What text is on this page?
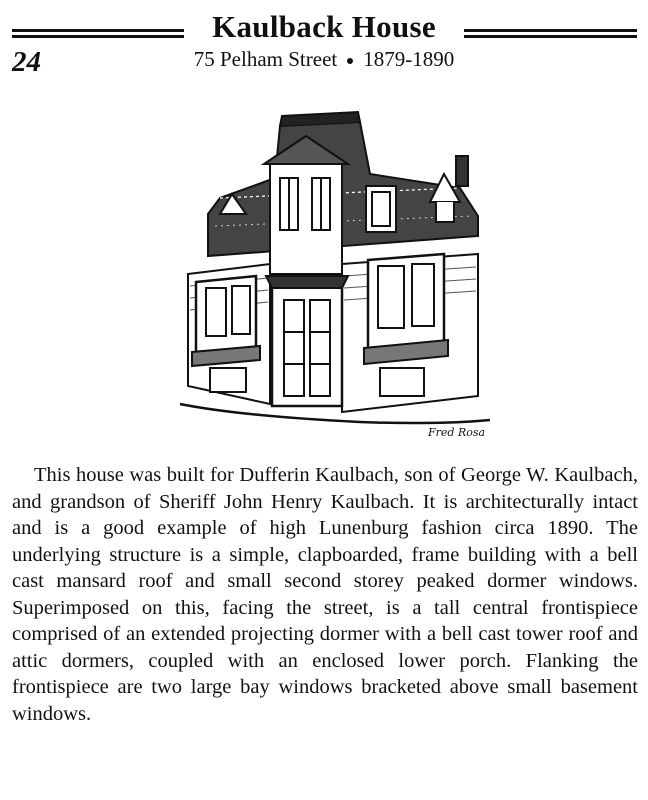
Kaulback House
24	75 Pelham Street 1879-1890
Fred Rosa
This house was built for Dufferin Kaulbach, son of George W. Kaulbach, and grandson of Sheriff John Henry Kaulbach. It is architecturally intact and is a good example of high Lunenburg fashion circa 1890. The underlying structure is a simple, clapboarded, frame building with a bell cast mansard roof and small second storey peaked dormer windows. Superimposed on this, facing the street, is a tall central frontispiece comprised of an extended projecting dormer with a bell cast tower roof and attic dormers, coupled with an enclosed lower porch. Flanking the frontispiece are two large bay windows bracketed above small basement windows.
